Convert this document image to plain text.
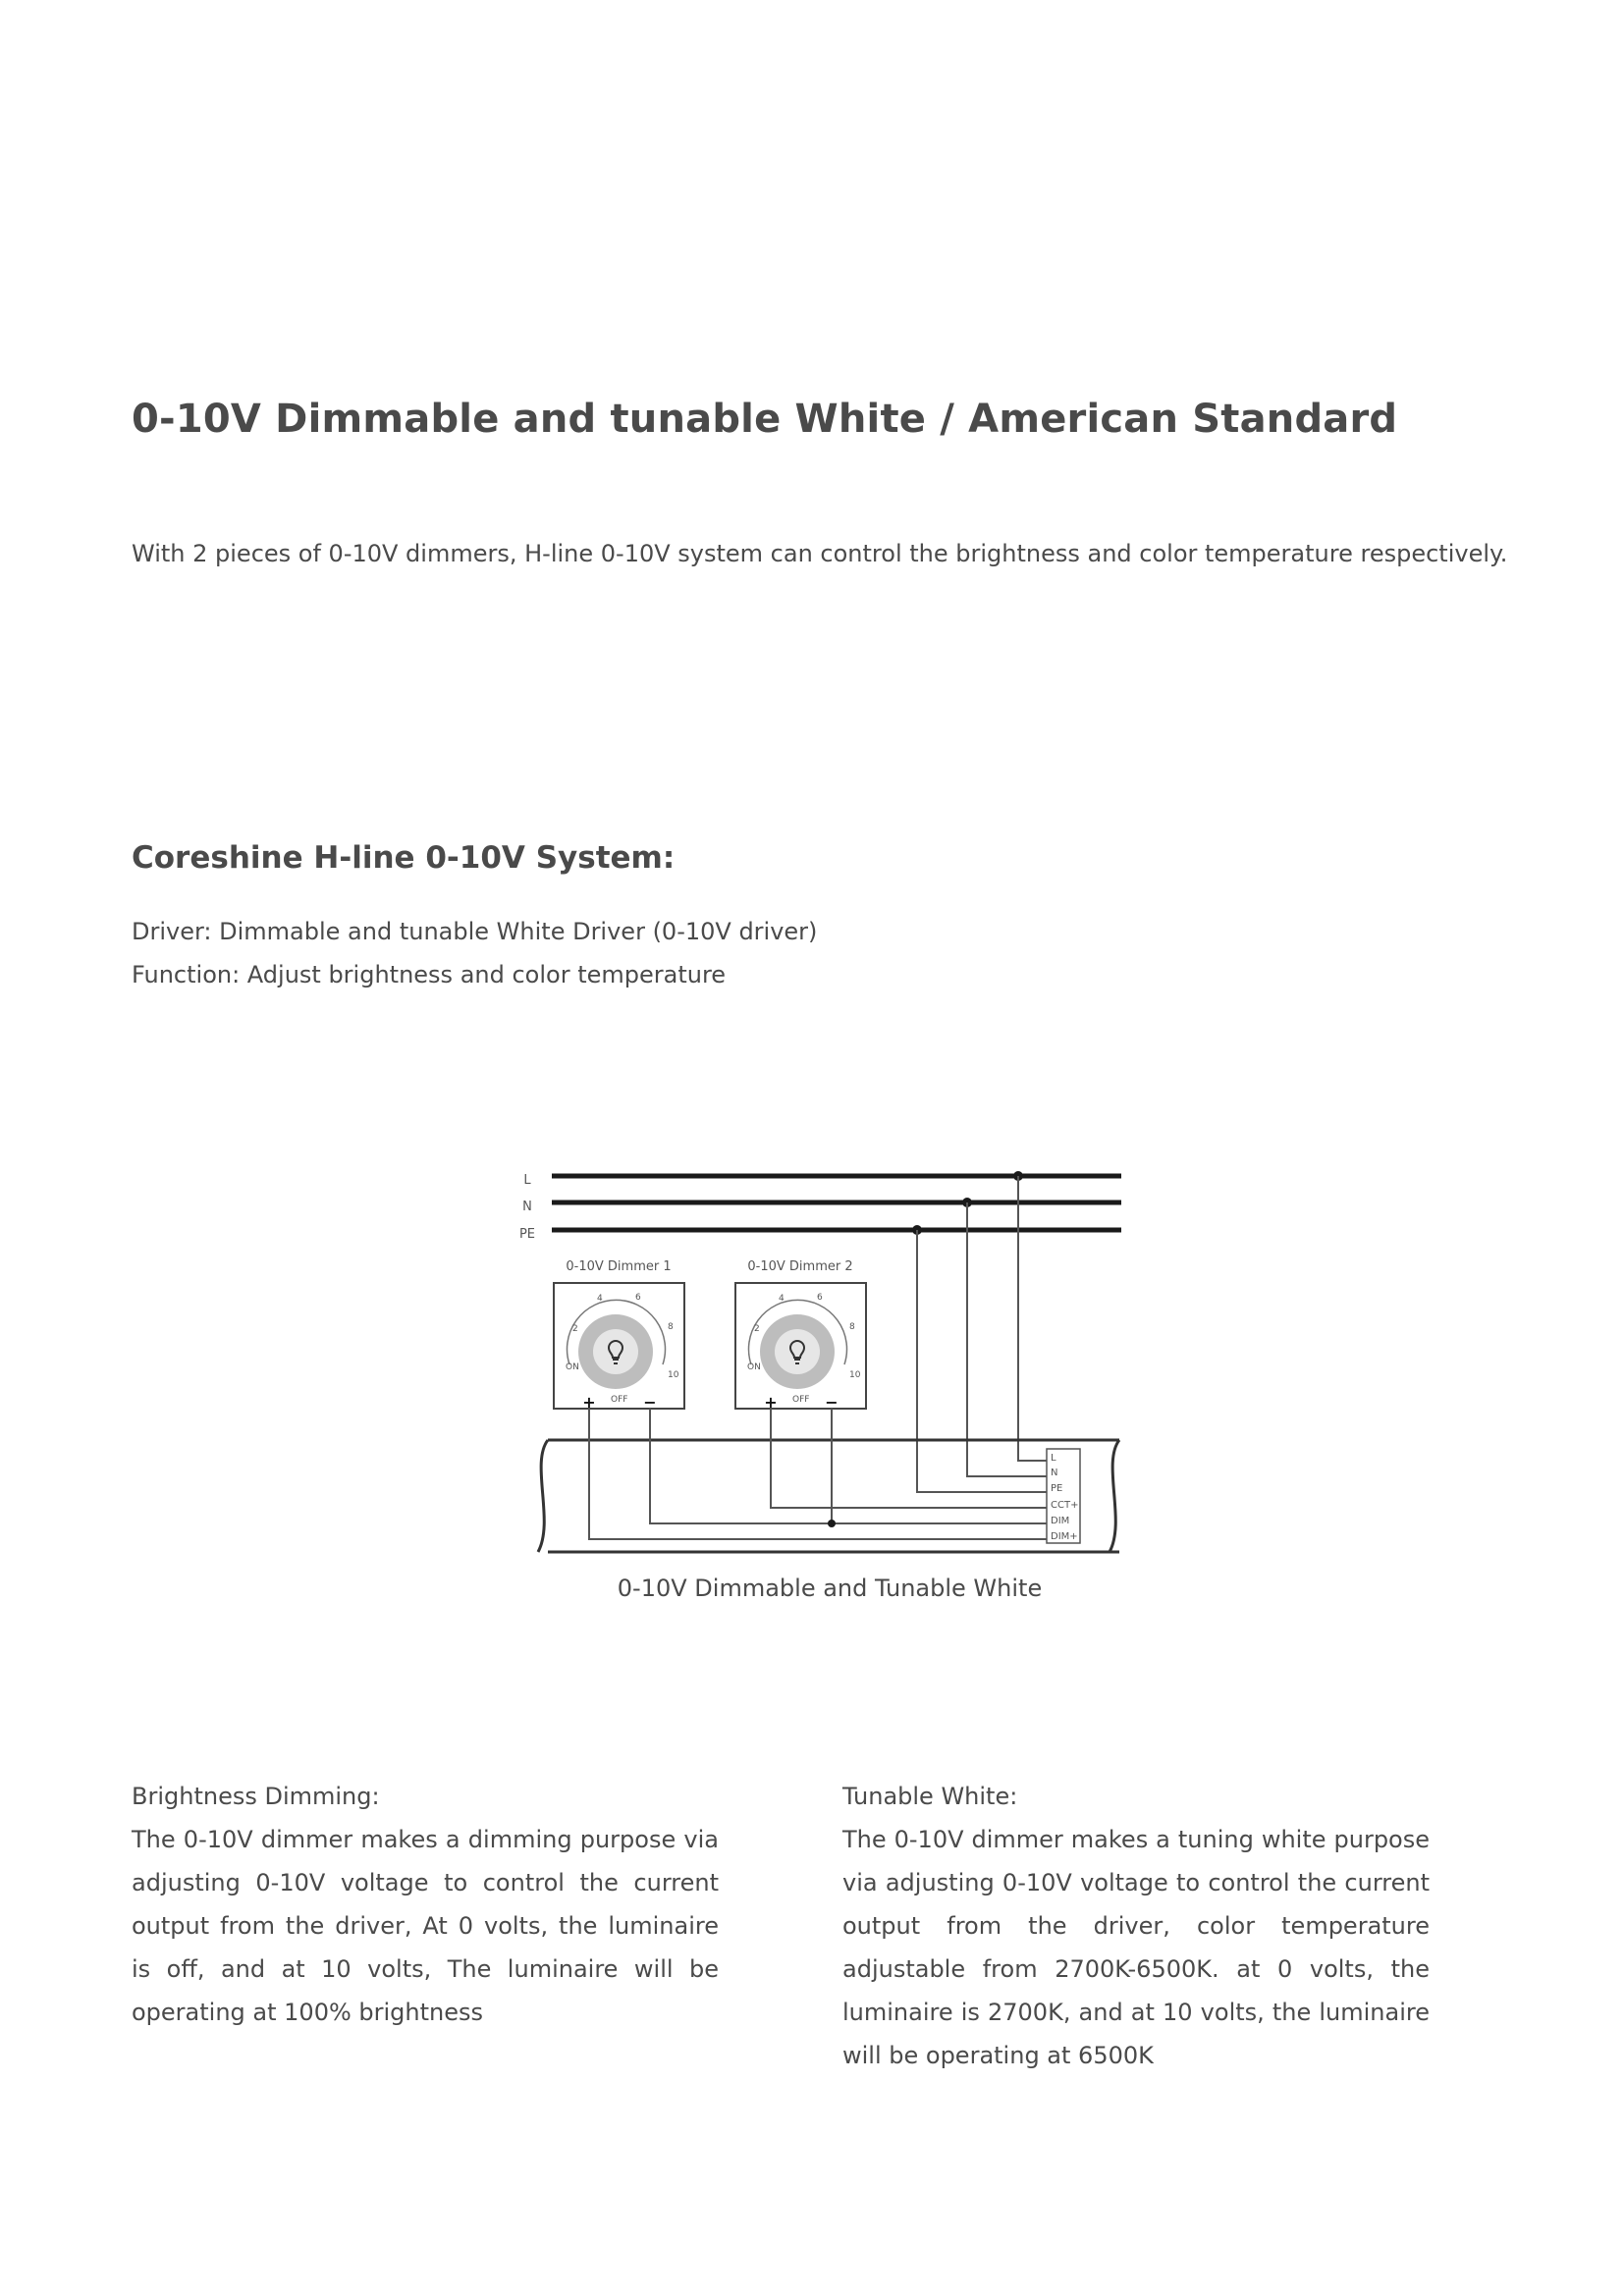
0-10V Dimmable and tunable White / American Standard

With 2 pieces of 0-10V dimmers, H-line 0-10V system can control the brightness and color temperature respectively.

Coreshine H-line 0-10V System:

Driver: Dimmable and tunable White Driver (0-10V driver)

Function: Adjust brightness and color temperature

L
N
PE
0-10V Dimmer 1
2
4	6
8
10
ON
OFF
+	−
0-10V Dimmer 2
2
4	6
8
10
ON
OFF
+	−
L
N
PE
CCT+
DIM
DIM+

0-10V Dimmable and Tunable White

Brightness Dimming:

The 0-10V dimmer makes a dimming purpose via adjusting 0-10V voltage to control the current output from the driver, At 0 volts, the luminaire is off, and at 10 volts, The luminaire will be operating at 100% brightness

Tunable White:

The 0-10V dimmer makes a tuning white purpose via adjusting 0-10V voltage to control the current output from the driver, color temperature adjustable from 2700K-6500K. at 0 volts, the luminaire is 2700K, and at 10 volts, the luminaire will be operating at 6500K
